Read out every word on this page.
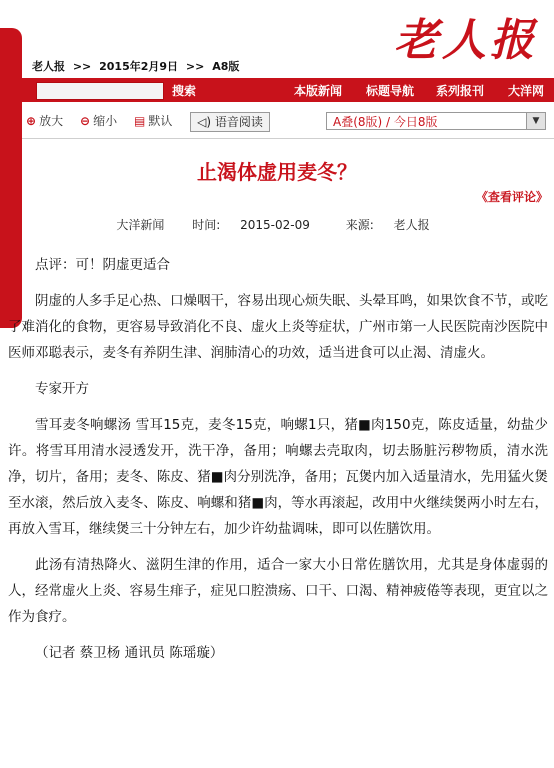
老人报 >> 2015年2月9日 >> A8版
老人报
搜索	本版新闻 标题导航 系列报刊 大洋网
⊕ 放大 ⊖ 缩小 ▤ 默认	◁) 语音阅读	A叠(8版) / 今日8版	▼
止渴体虚用麦冬？
《查看评论》
大洋新闻 时间: 2015-02-09	来源: 老人报

点评：可！阴虚更适合

阴虚的人多手足心热、口燥咽干，容易出现心烦失眠、头晕耳鸣，如果饮食不节，或吃了难消化的食物，更容易导致消化不良、虚火上炎等症状，广州市第一人民医院南沙医院中医师邓聪表示，麦冬有养阴生津、润肺清心的功效，适当进食可以止渴、清虚火。

专家开方

雪耳麦冬响螺汤 雪耳15克，麦冬15克，响螺1只，猪■肉150克，陈皮适量，幼盐少许。将雪耳用清水浸透发开，洗干净，备用；响螺去壳取肉，切去肠脏污秽物质，清水洗净，切片，备用；麦冬、陈皮、猪■肉分别洗净，备用；瓦煲内加入适量清水，先用猛火煲至水滚，然后放入麦冬、陈皮、响螺和猪■肉，等水再滚起，改用中火继续煲两小时左右，再放入雪耳，继续煲三十分钟左右，加少许幼盐调味，即可以佐膳饮用。

此汤有清热降火、滋阴生津的作用，适合一家大小日常佐膳饮用，尤其是身体虚弱的人，经常虚火上炎、容易生痱子，症见口腔溃疡、口干、口渴、精神疲倦等表现，更宜以之作为食疗。

（记者 蔡卫杨 通讯员 陈瑶璇）
